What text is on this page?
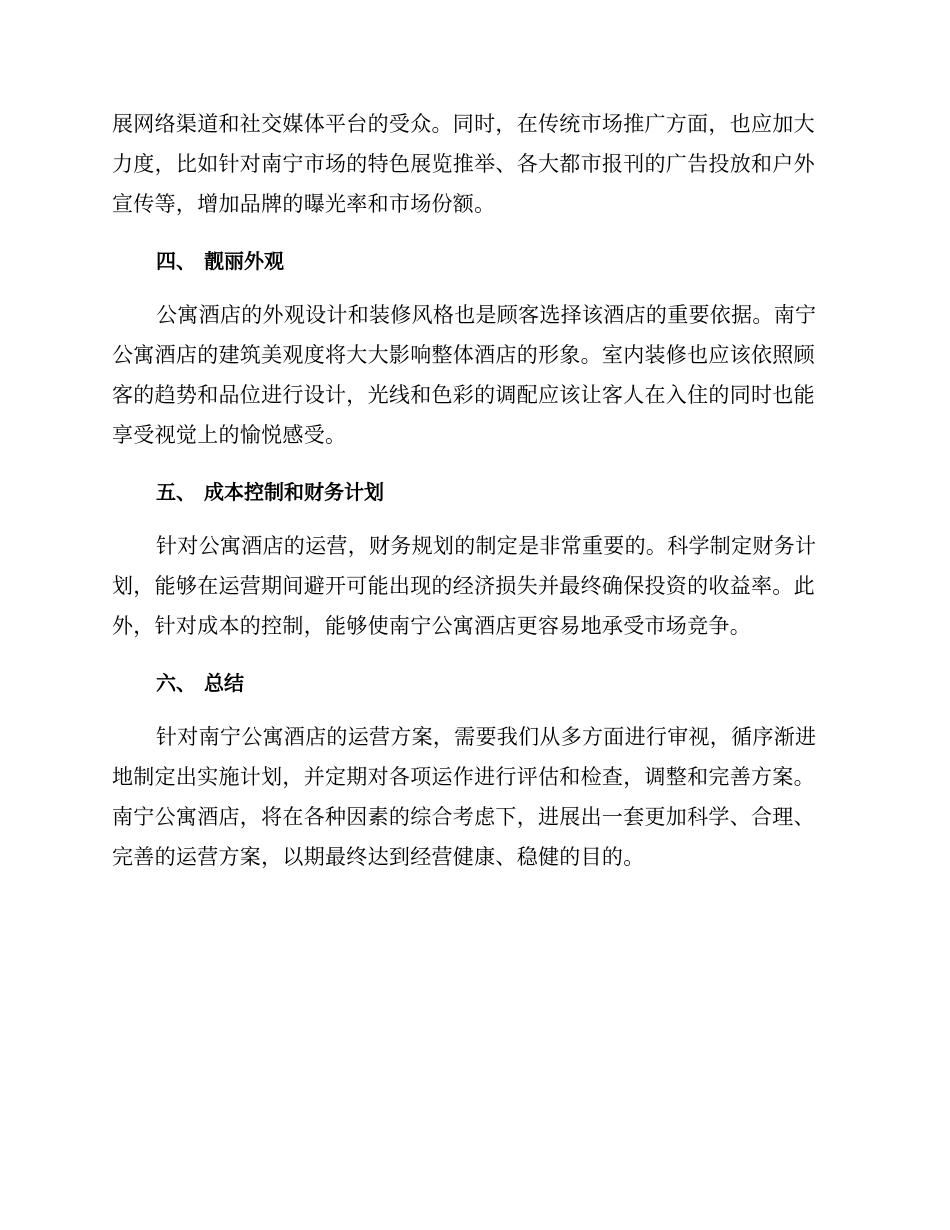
展网络渠道和社交媒体平台的受众。同时，在传统市场推广方面，也应加大
力度，比如针对南宁市场的特色展览推举、各大都市报刊的广告投放和户外
宣传等，增加品牌的曝光率和市场份额。
四、 靓丽外观
公寓酒店的外观设计和装修风格也是顾客选择该酒店的重要依据。南宁
公寓酒店的建筑美观度将大大影响整体酒店的形象。室内装修也应该依照顾
客的趋势和品位进行设计，光线和色彩的调配应该让客人在入住的同时也能
享受视觉上的愉悦感受。
五、 成本控制和财务计划
针对公寓酒店的运营，财务规划的制定是非常重要的。科学制定财务计
划，能够在运营期间避开可能出现的经济损失并最终确保投资的收益率。此
外，针对成本的控制，能够使南宁公寓酒店更容易地承受市场竞争。
六、 总结
针对南宁公寓酒店的运营方案，需要我们从多方面进行审视，循序渐进
地制定出实施计划，并定期对各项运作进行评估和检查，调整和完善方案。
南宁公寓酒店，将在各种因素的综合考虑下，进展出一套更加科学、合理、
完善的运营方案，以期最终达到经营健康、稳健的目的。
